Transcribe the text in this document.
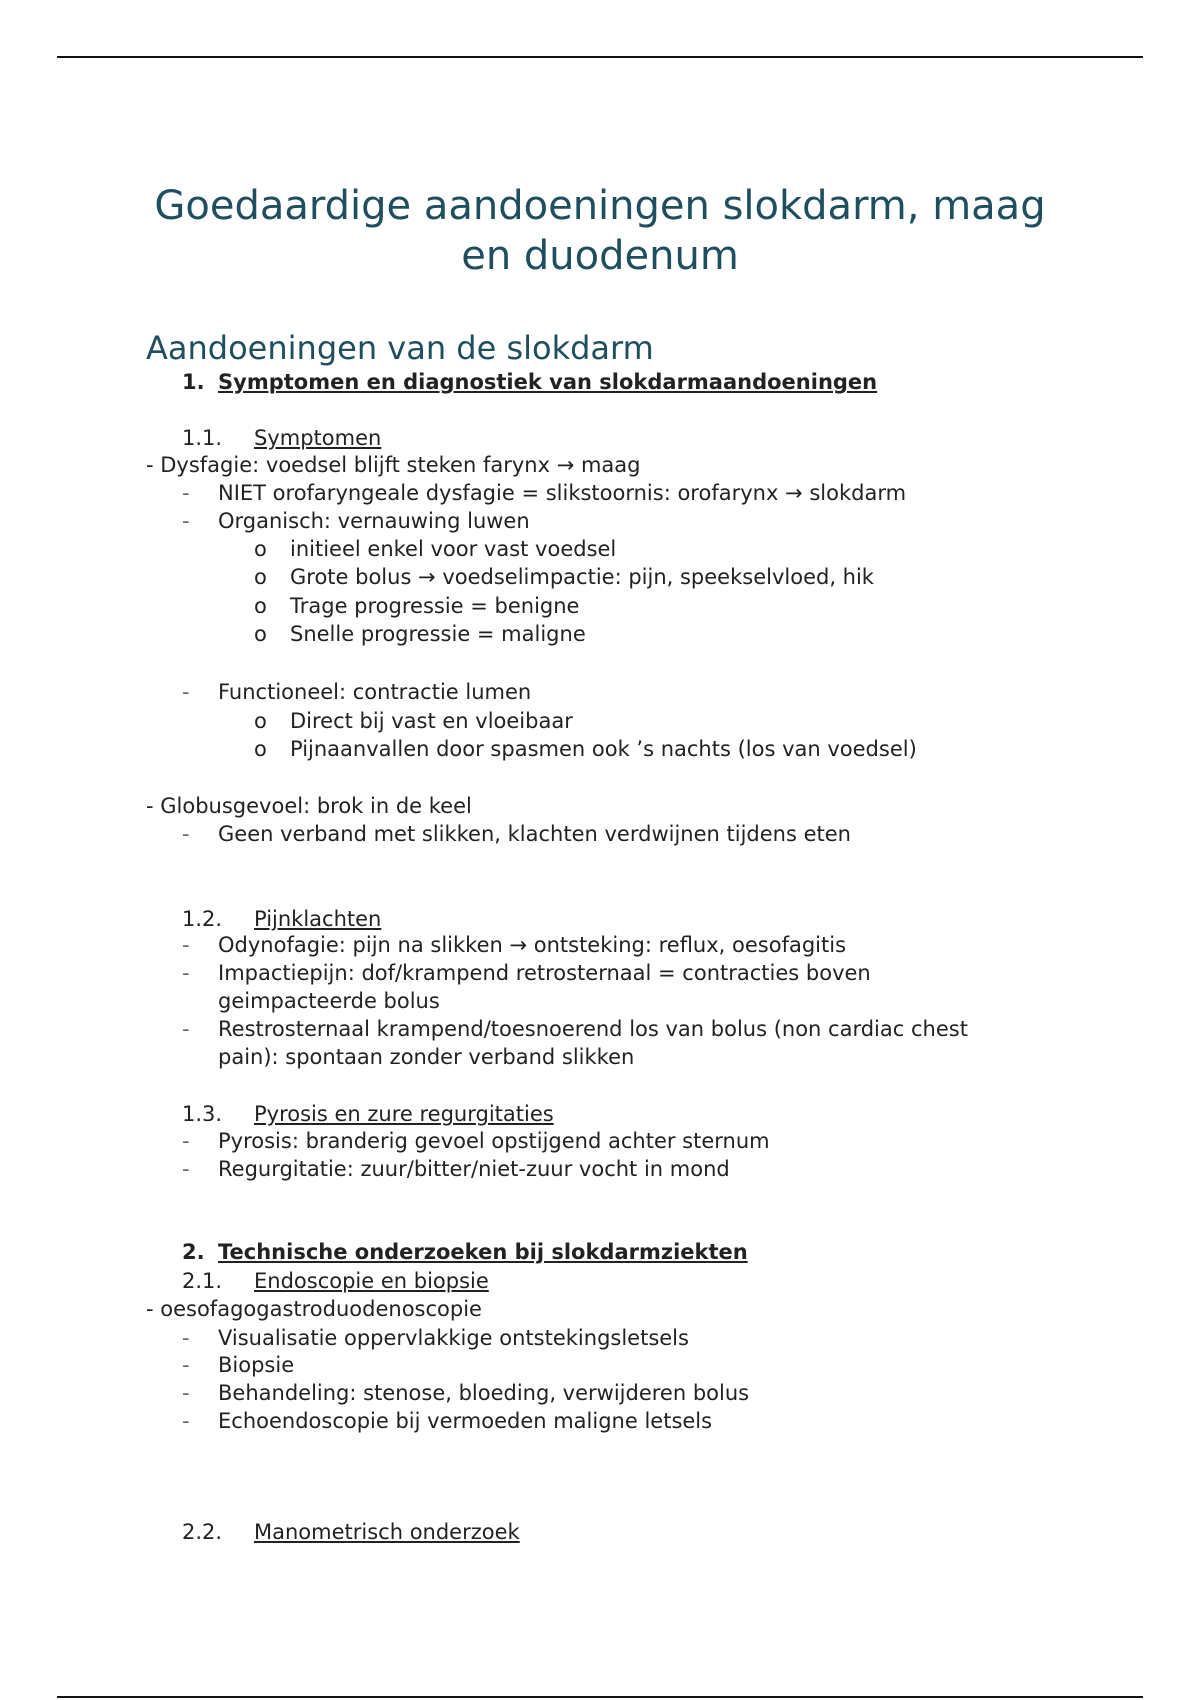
Goedaardige aandoeningen slokdarm, maag
en duodenum
Aandoeningen van de slokdarm
1. Symptomen en diagnostiek van slokdarmaandoeningen
1.1. Symptomen
- Dysfagie: voedsel blijft steken farynx → maag
- NIET orofaryngeale dysfagie = slikstoornis: orofarynx → slokdarm
- Organisch: vernauwing luwen
o initieel enkel voor vast voedsel
o Grote bolus → voedselimpactie: pijn, speekselvloed, hik
o Trage progressie = benigne
o Snelle progressie = maligne
- Functioneel: contractie lumen
o Direct bij vast en vloeibaar
o Pijnaanvallen door spasmen ook ’s nachts (los van voedsel)
- Globusgevoel: brok in de keel
- Geen verband met slikken, klachten verdwijnen tijdens eten
1.2. Pijnklachten
- Odynofagie: pijn na slikken → ontsteking: reflux, oesofagitis
- Impactiepijn: dof/krampend retrosternaal = contracties boven
geimpacteerde bolus
- Restrosternaal krampend/toesnoerend los van bolus (non cardiac chest
pain): spontaan zonder verband slikken
1.3. Pyrosis en zure regurgitaties
- Pyrosis: branderig gevoel opstijgend achter sternum
- Regurgitatie: zuur/bitter/niet-zuur vocht in mond
2. Technische onderzoeken bij slokdarmziekten
2.1. Endoscopie en biopsie
- oesofagogastroduodenoscopie
- Visualisatie oppervlakkige ontstekingsletsels
- Biopsie
- Behandeling: stenose, bloeding, verwijderen bolus
- Echoendoscopie bij vermoeden maligne letsels
2.2. Manometrisch onderzoek
